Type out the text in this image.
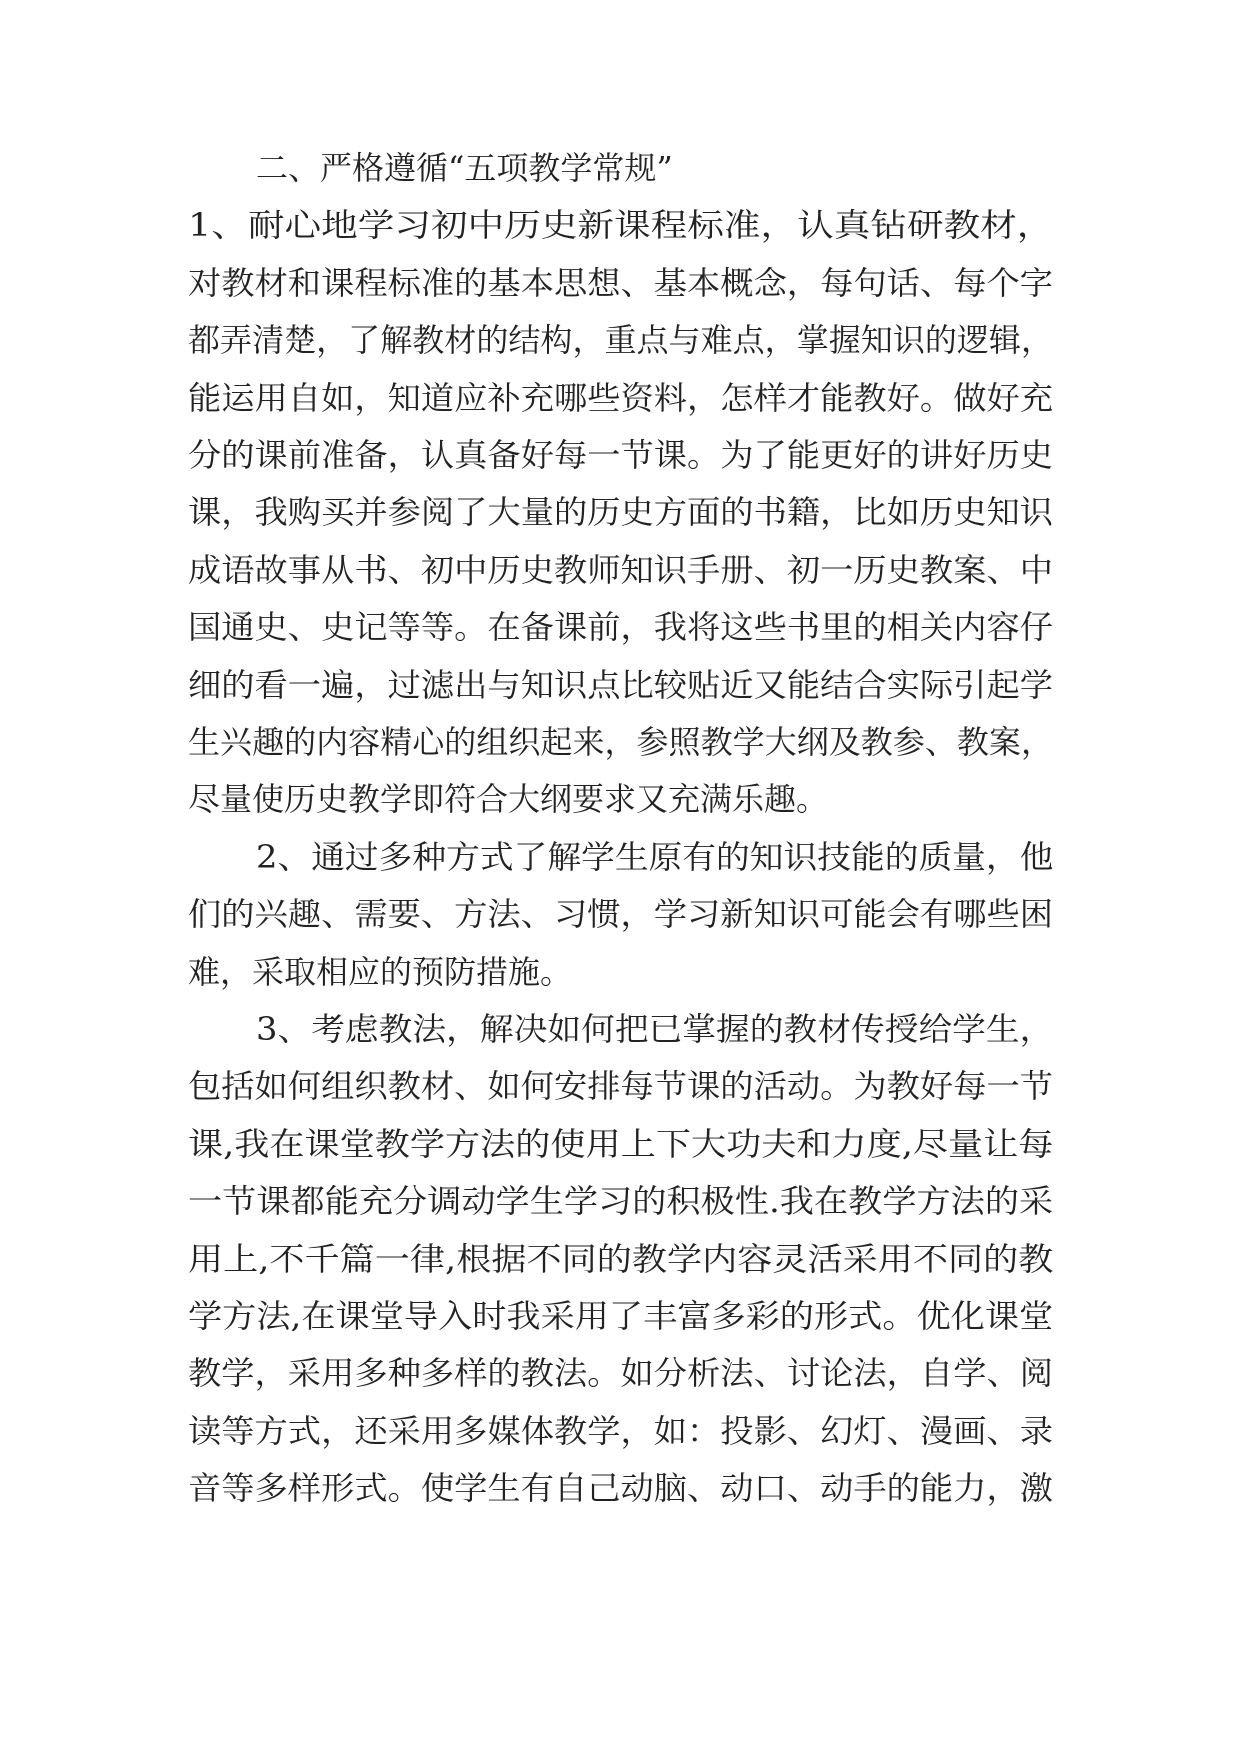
二、严格遵循“五项教学常规”

1、耐心地学习初中历史新课程标准，认真钻研教材，

对教材和课程标准的基本思想、基本概念，每句话、每个字

都弄清楚，了解教材的结构，重点与难点，掌握知识的逻辑，

能运用自如，知道应补充哪些资料，怎样才能教好。做好充

分的课前准备，认真备好每一节课。为了能更好的讲好历史

课，我购买并参阅了大量的历史方面的书籍，比如历史知识

成语故事从书、初中历史教师知识手册、初一历史教案、中

国通史、史记等等。在备课前，我将这些书里的相关内容仔

细的看一遍，过滤出与知识点比较贴近又能结合实际引起学

生兴趣的内容精心的组织起来，参照教学大纲及教参、教案，

尽量使历史教学即符合大纲要求又充满乐趣。

2、通过多种方式了解学生原有的知识技能的质量，他

们的兴趣、需要、方法、习惯，学习新知识可能会有哪些困

难，采取相应的预防措施。

3、考虑教法，解决如何把已掌握的教材传授给学生，

包括如何组织教材、如何安排每节课的活动。为教好每一节

课,我在课堂教学方法的使用上下大功夫和力度,尽量让每

一节课都能充分调动学生学习的积极性.我在教学方法的采

用上,不千篇一律,根据不同的教学内容灵活采用不同的教

学方法,在课堂导入时我采用了丰富多彩的形式。优化课堂

教学，采用多种多样的教法。如分析法、讨论法，自学、阅

读等方式，还采用多媒体教学，如：投影、幻灯、漫画、录

音等多样形式。使学生有自己动脑、动口、动手的能力，激
